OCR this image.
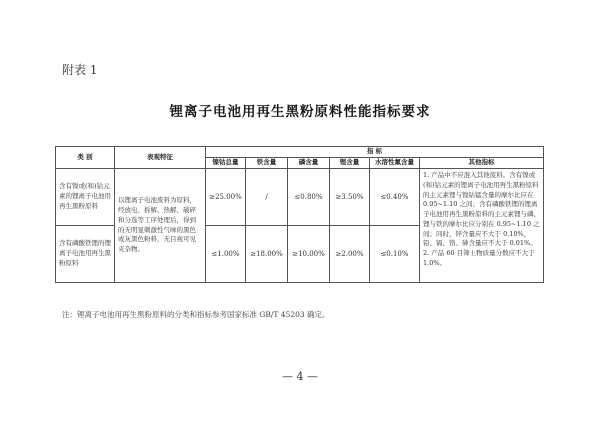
附表 1
锂离子电池用再生黑粉原料性能指标要求
类 别	表观特征	指 标					
		镍钴总量	铁含量	磷含量	锂含量	水溶性氟含量	其他指标
含有镍或(和)钴元素的锂离子电池用再生黑粉原料	以锂离子电池废料为原料，经放电、拆解、热解、破碎和分选等工序处理后，得到的无明显刺激性气味的黑色或灰黑色粉料，无目视可见夹杂物。	≥25.00%	/	≤0.80%	≥3.50%	≤0.40%	1. 产品中不应混入其他废料。含有镍或(和)钴元素的锂离子电池用再生黑粉原料的主元素锂与镍钴锰含量的摩尔比应在 0.95~1.10 之间；含有磷酸铁锂的锂离子电池用再生黑粉原料的主元素锂与磷、锂与铁的摩尔比应分别在 0.95~1.10 之间；同时，锌含量应不大于 0.10%，铅、镉、铬、砷含量应不大于 0.01%。
2. 产品 60 目筛上物质量分数应不大于 1.0%。

含有磷酸铁锂的锂离子电池用再生黑粉原料		≤1.00%	≥18.00%	≥10.00%	≥2.00%	≤0.10%	
注：锂离子电池用再生黑粉原料的分类和指标参考国家标准 GB/T 45203 确定。
— 4 —
